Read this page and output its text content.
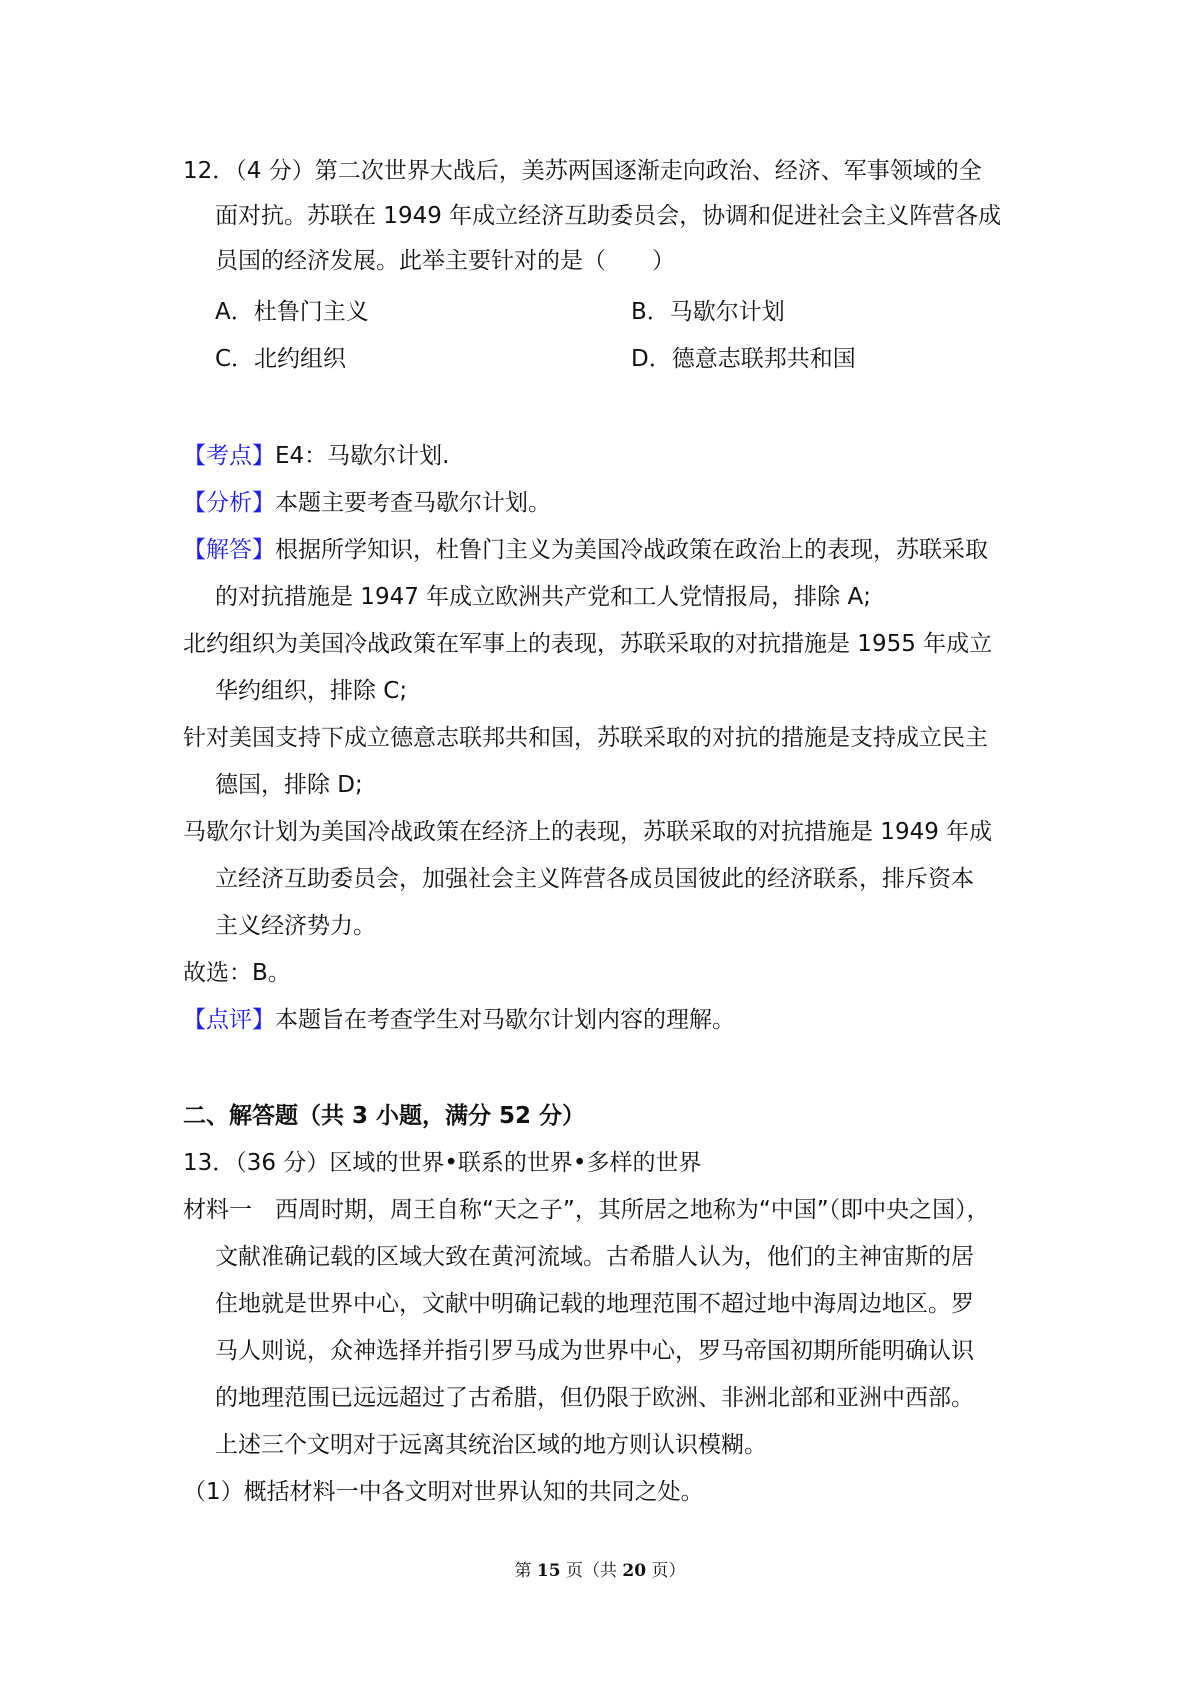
12．（4 分）第二次世界大战后，美苏两国逐渐走向政治、经济、军事领域的全
面对抗。苏联在 1949 年成立经济互助委员会，协调和促进社会主义阵营各成
员国的经济发展。此举主要针对的是（　　）
A．杜鲁门主义	B．马歇尔计划
C．北约组织	D．德意志联邦共和国
【考点】E4：马歇尔计划.
【分析】本题主要考查马歇尔计划。
【解答】根据所学知识，杜鲁门主义为美国冷战政策在政治上的表现，苏联采取
的对抗措施是 1947 年成立欧洲共产党和工人党情报局，排除 A;
北约组织为美国冷战政策在军事上的表现，苏联采取的对抗措施是 1955 年成立
华约组织，排除 C;
针对美国支持下成立德意志联邦共和国，苏联采取的对抗的措施是支持成立民主
德国，排除 D;
马歇尔计划为美国冷战政策在经济上的表现，苏联采取的对抗措施是 1949 年成
立经济互助委员会，加强社会主义阵营各成员国彼此的经济联系，排斥资本
主义经济势力。
故选：B。
【点评】本题旨在考查学生对马歇尔计划内容的理解。
二、解答题（共 3 小题，满分 52 分）
13．（36 分）区域的世界•联系的世界•多样的世界
材料一　西周时期，周王自称“天之子”，其所居之地称为“中国”（即中央之国），
文献准确记载的区域大致在黄河流域。古希腊人认为，他们的主神宙斯的居
住地就是世界中心，文献中明确记载的地理范围不超过地中海周边地区。罗
马人则说，众神选择并指引罗马成为世界中心，罗马帝国初期所能明确认识
的地理范围已远远超过了古希腊，但仍限于欧洲、非洲北部和亚洲中西部。
上述三个文明对于远离其统治区域的地方则认识模糊。
（1）概括材料一中各文明对世界认知的共同之处。
第 15 页（共 20 页）
